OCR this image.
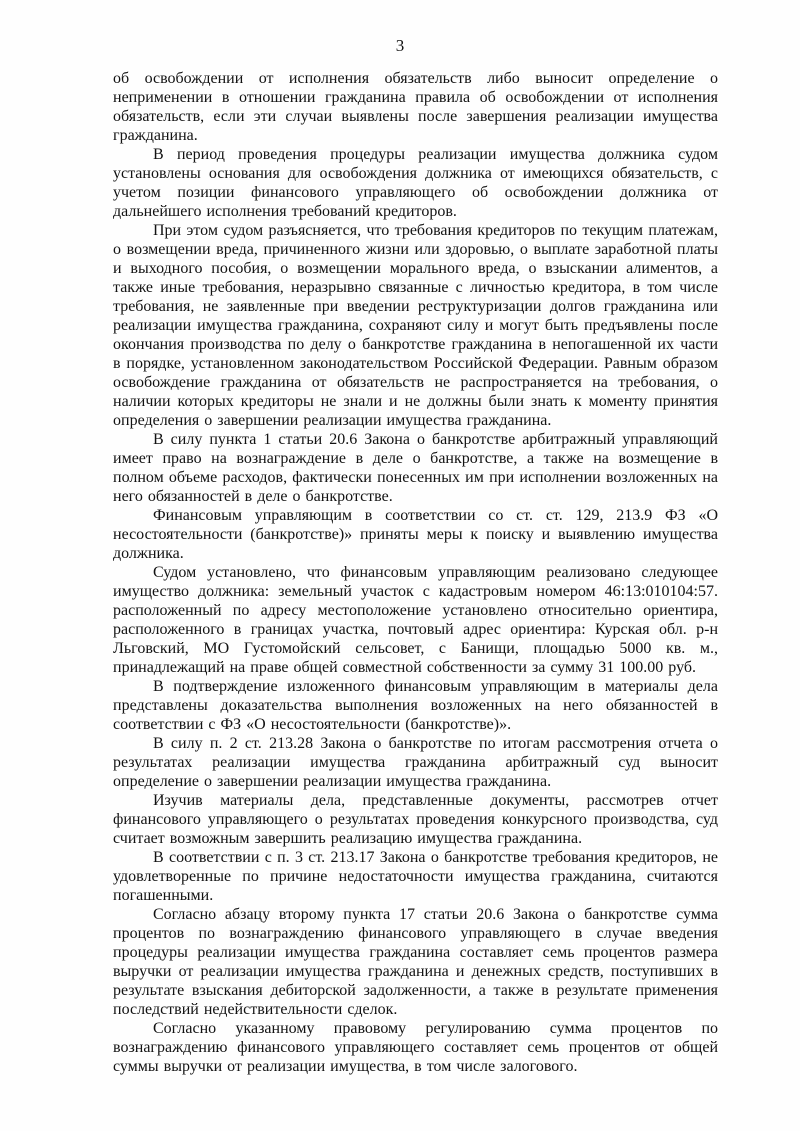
3

об освобождении от исполнения обязательств либо выносит определение о неприменении в отношении гражданина правила об освобождении от исполнения обязательств, если эти случаи выявлены после завершения реализации имущества гражданина.

В период проведения процедуры реализации имущества должника судом установлены основания для освобождения должника от имеющихся обязательств, с учетом позиции финансового управляющего об освобождении должника от дальнейшего исполнения требований кредиторов.

При этом судом разъясняется, что требования кредиторов по текущим платежам, о возмещении вреда, причиненного жизни или здоровью, о выплате заработной платы и выходного пособия, о возмещении морального вреда, о взыскании алиментов, а также иные требования, неразрывно связанные с личностью кредитора, в том числе требования, не заявленные при введении реструктуризации долгов гражданина или реализации имущества гражданина, сохраняют силу и могут быть предъявлены после окончания производства по делу о банкротстве гражданина в непогашенной их части в порядке, установленном законодательством Российской Федерации. Равным образом освобождение гражданина от обязательств не распространяется на требования, о наличии которых кредиторы не знали и не должны были знать к моменту принятия определения о завершении реализации имущества гражданина.

В силу пункта 1 статьи 20.6 Закона о банкротстве арбитражный управляющий имеет право на вознаграждение в деле о банкротстве, а также на возмещение в полном объеме расходов, фактически понесенных им при исполнении возложенных на него обязанностей в деле о банкротстве.

Финансовым управляющим в соответствии со ст. ст. 129, 213.9 ФЗ «О несостоятельности (банкротстве)» приняты меры к поиску и выявлению имущества должника.

Судом установлено, что финансовым управляющим реализовано следующее имущество должника: земельный участок с кадастровым номером 46:13:010104:57. расположенный по адресу местоположение установлено относительно ориентира, расположенного в границах участка, почтовый адрес ориентира: Курская обл. р-н Льговский, МО Густомойский сельсовет, с Банищи, площадью 5000 кв. м., принадлежащий на праве общей совместной собственности за сумму 31 100.00 руб.

В подтверждение изложенного финансовым управляющим в материалы дела представлены доказательства выполнения возложенных на него обязанностей в соответствии с ФЗ «О несостоятельности (банкротстве)».

В силу п. 2 ст. 213.28 Закона о банкротстве по итогам рассмотрения отчета о результатах реализации имущества гражданина арбитражный суд выносит определение о завершении реализации имущества гражданина.

Изучив материалы дела, представленные документы, рассмотрев отчет финансового управляющего о результатах проведения конкурсного производства, суд считает возможным завершить реализацию имущества гражданина.

В соответствии с п. 3 ст. 213.17 Закона о банкротстве требования кредиторов, не удовлетворенные по причине недостаточности имущества гражданина, считаются погашенными.

Согласно абзацу второму пункта 17 статьи 20.6 Закона о банкротстве сумма процентов по вознаграждению финансового управляющего в случае введения процедуры реализации имущества гражданина составляет семь процентов размера выручки от реализации имущества гражданина и денежных средств, поступивших в результате взыскания дебиторской задолженности, а также в результате применения последствий недействительности сделок.

Согласно указанному правовому регулированию сумма процентов по вознаграждению финансового управляющего составляет семь процентов от общей суммы выручки от реализации имущества, в том числе залогового.
